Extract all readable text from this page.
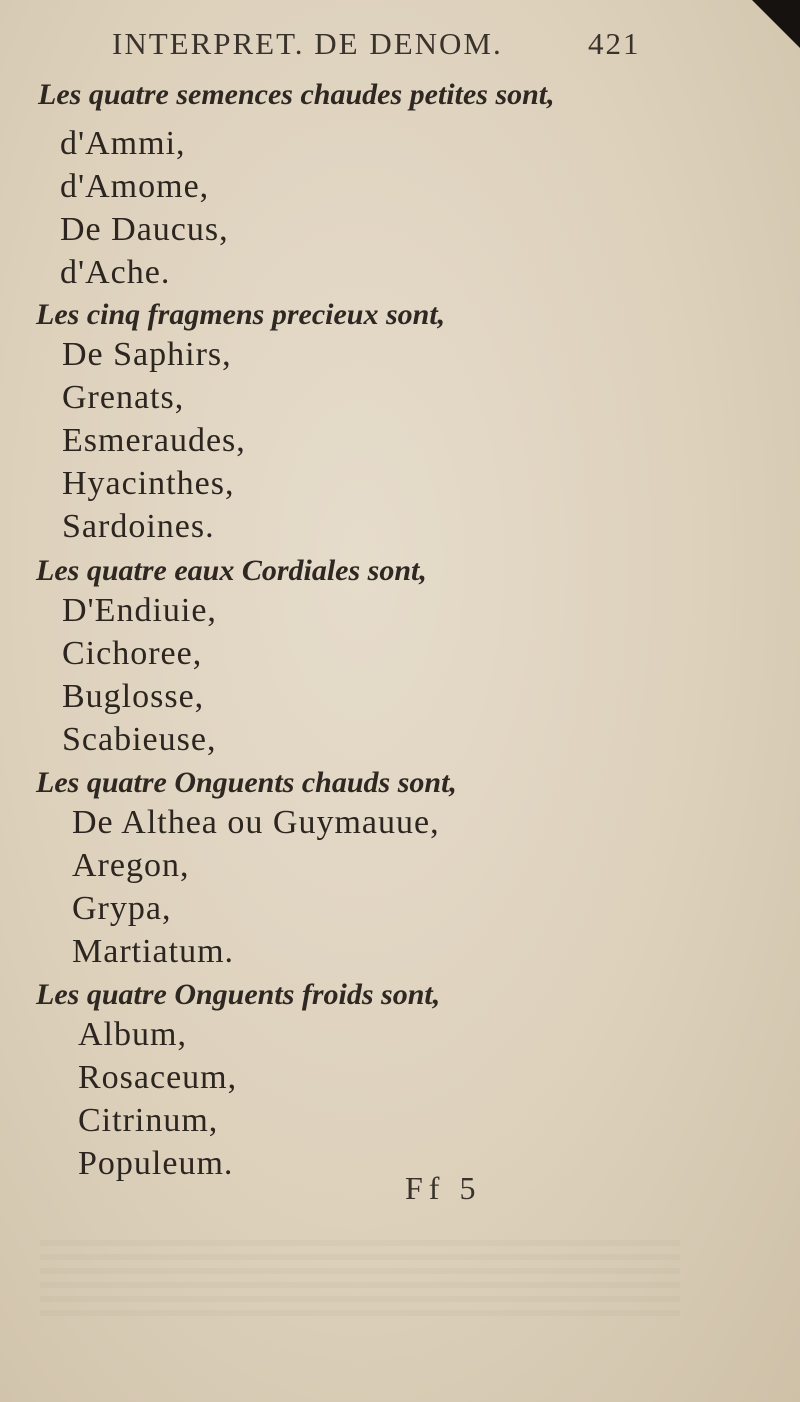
INTERPRET. DE DENOM.	421
Les quatre semences chaudes petites sont,
d'Ammi,
d'Amome,
De Daucus,
d'Ache.
Les cinq fragmens precieux sont,
De Saphirs,
Grenats,
Esmeraudes,
Hyacinthes,
Sardoines.
Les quatre eaux Cordiales sont,
D'Endiuie,
Cichoree,
Buglosse,
Scabieuse,
Les quatre Onguents chauds sont,
De Althea ou Guymauue,
Aregon,
Grypa,
Martiatum.
Les quatre Onguents froids sont,
Album,
Rosaceum,
Citrinum,
Populeum.
Ff 5
